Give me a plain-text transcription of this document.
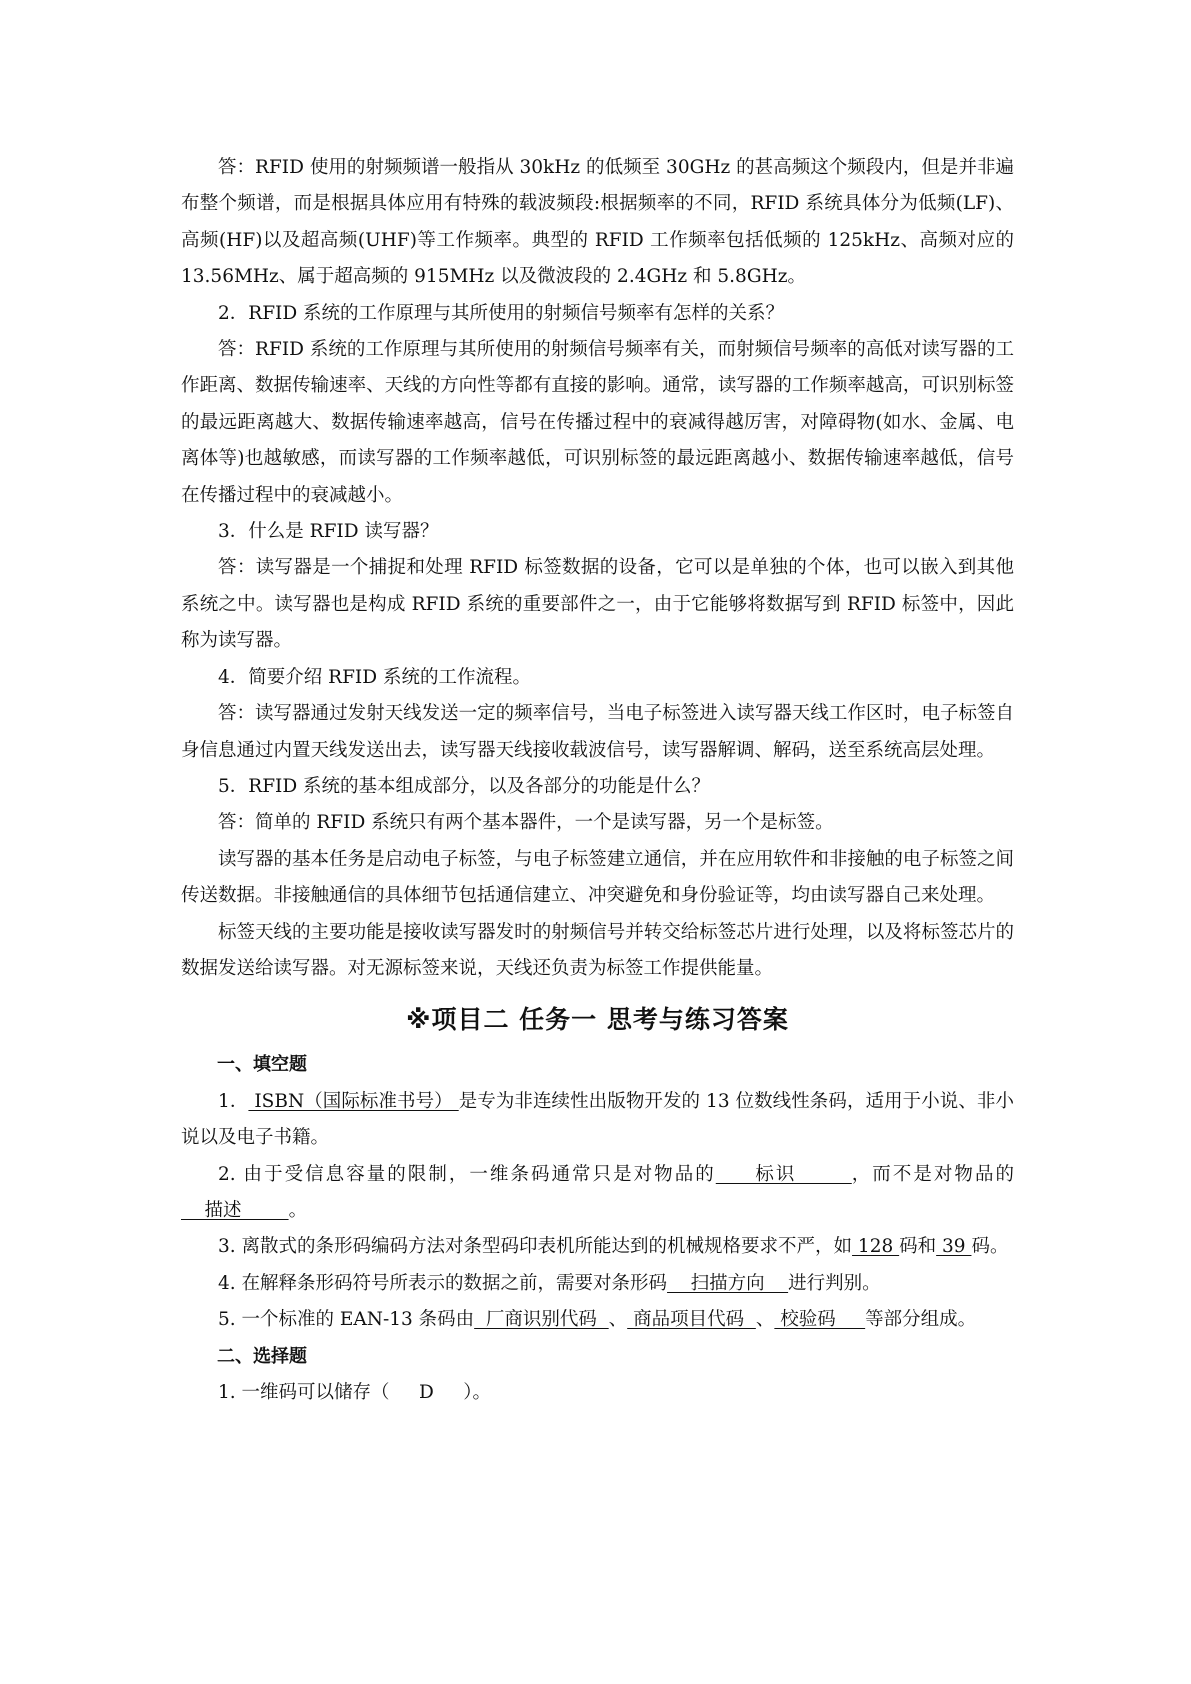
答：RFID 使用的射频频谱一般指从 30kHz 的低频至 30GHz 的甚高频这个频段内，但是并非遍布整个频谱，而是根据具体应用有特殊的载波频段:根据频率的不同，RFID 系统具体分为低频(LF)、高频(HF)以及超高频(UHF)等工作频率。典型的 RFID 工作频率包括低频的 125kHz、高频对应的 13.56MHz、属于超高频的 915MHz 以及微波段的 2.4GHz 和 5.8GHz。

2．RFID 系统的工作原理与其所使用的射频信号频率有怎样的关系？

答：RFID 系统的工作原理与其所使用的射频信号频率有关，而射频信号频率的高低对读写器的工作距离、数据传输速率、天线的方向性等都有直接的影响。通常，读写器的工作频率越高，可识别标签的最远距离越大、数据传输速率越高，信号在传播过程中的衰减得越厉害，对障碍物(如水、金属、电离体等)也越敏感，而读写器的工作频率越低，可识别标签的最远距离越小、数据传输速率越低，信号在传播过程中的衰减越小。

3．什么是 RFID 读写器？

答：读写器是一个捕捉和处理 RFID 标签数据的设备，它可以是单独的个体，也可以嵌入到其他系统之中。读写器也是构成 RFID 系统的重要部件之一，由于它能够将数据写到 RFID 标签中，因此称为读写器。

4．简要介绍 RFID 系统的工作流程。

答：读写器通过发射天线发送一定的频率信号，当电子标签进入读写器天线工作区时，电子标签自身信息通过内置天线发送出去，读写器天线接收载波信号，读写器解调、解码，送至系统高层处理。

5．RFID 系统的基本组成部分，以及各部分的功能是什么？

答：简单的 RFID 系统只有两个基本器件，一个是读写器，另一个是标签。

读写器的基本任务是启动电子标签，与电子标签建立通信，并在应用软件和非接触的电子标签之间传送数据。非接触通信的具体细节包括通信建立、冲突避免和身份验证等，均由读写器自己来处理。

标签天线的主要功能是接收读写器发时的射频信号并转交给标签芯片进行处理，以及将标签芯片的数据发送给读写器。对无源标签来说，天线还负责为标签工作提供能量。

※项目二 任务一 思考与练习答案

一、填空题

1． ISBN（国际标准书号） 是专为非连续性出版物开发的 13 位数线性条码，适用于小说、非小说以及电子书籍。

2. 由于受信息容量的限制，一维条码通常只是对物品的     标识       ，而不是对物品的    描述        。

3. 离散式的条形码编码方法对条型码印表机所能达到的机械规格要求不严，如 128 码和 39 码。

4. 在解释条形码符号所表示的数据之前，需要对条形码    扫描方向    进行判别。

5. 一个标准的 EAN-13 条码由  厂商识别代码  、 商品项目代码  、 校验码     等部分组成。

二、选择题

1. 一维码可以储存（     D     ）。
